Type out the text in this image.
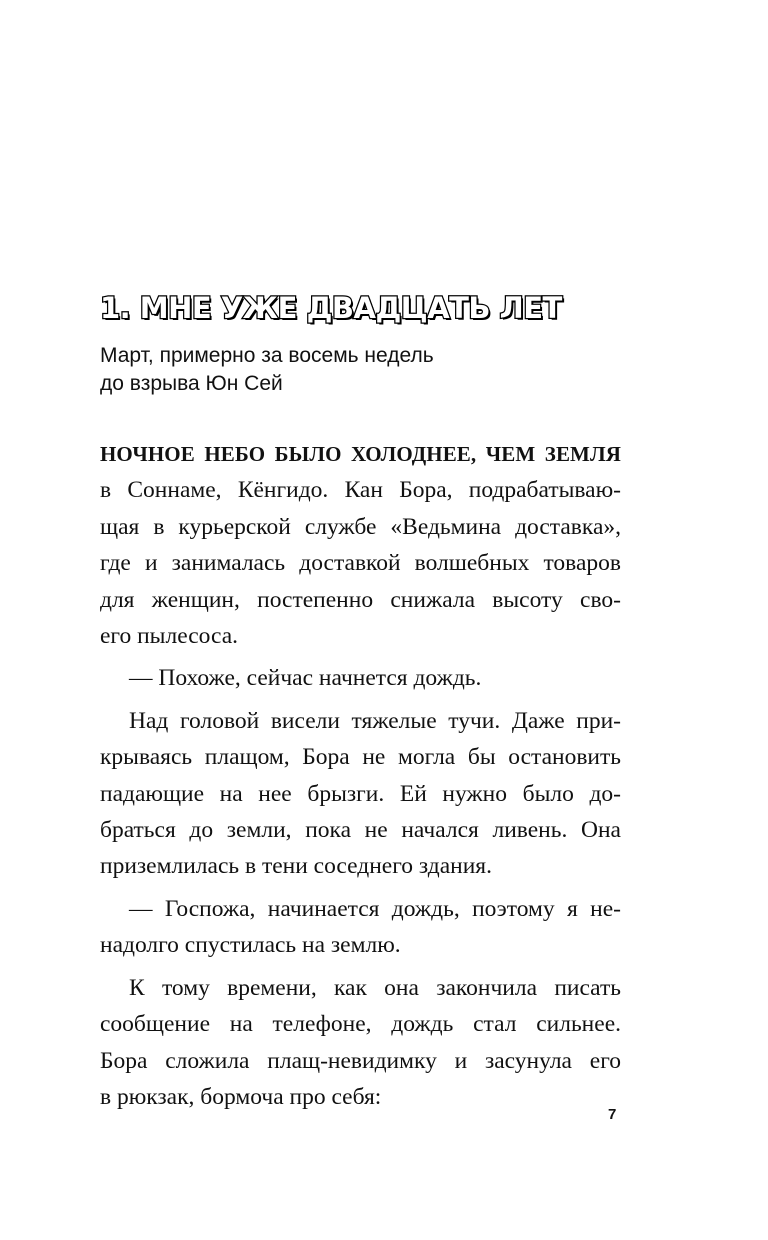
1. МНЕ УЖЕ ДВАДЦАТЬ ЛЕТ
Март, примерно за восемь недель
до взрыва Юн Сей
НОЧНОЕ НЕБО БЫЛО ХОЛОДНЕЕ, ЧЕМ ЗЕМЛЯ
в Соннаме, Кёнгидо. Кан Бора, подрабатываю-
щая в курьерской службе «Ведьмина доставка»,
где и занималась доставкой волшебных товаров
для женщин, постепенно снижала высоту сво-
его пылесоса.
— Похоже, сейчас начнется дождь.
Над головой висели тяжелые тучи. Даже при-
крываясь плащом, Бора не могла бы остановить
падающие на нее брызги. Ей нужно было до-
браться до земли, пока не начался ливень. Она
приземлилась в тени соседнего здания.
— Госпожа, начинается дождь, поэтому я не-
надолго спустилась на землю.
К тому времени, как она закончила писать
сообщение на телефоне, дождь стал сильнее.
Бора сложила плащ-невидимку и засунула его
в рюкзак, бормоча про себя:
7
